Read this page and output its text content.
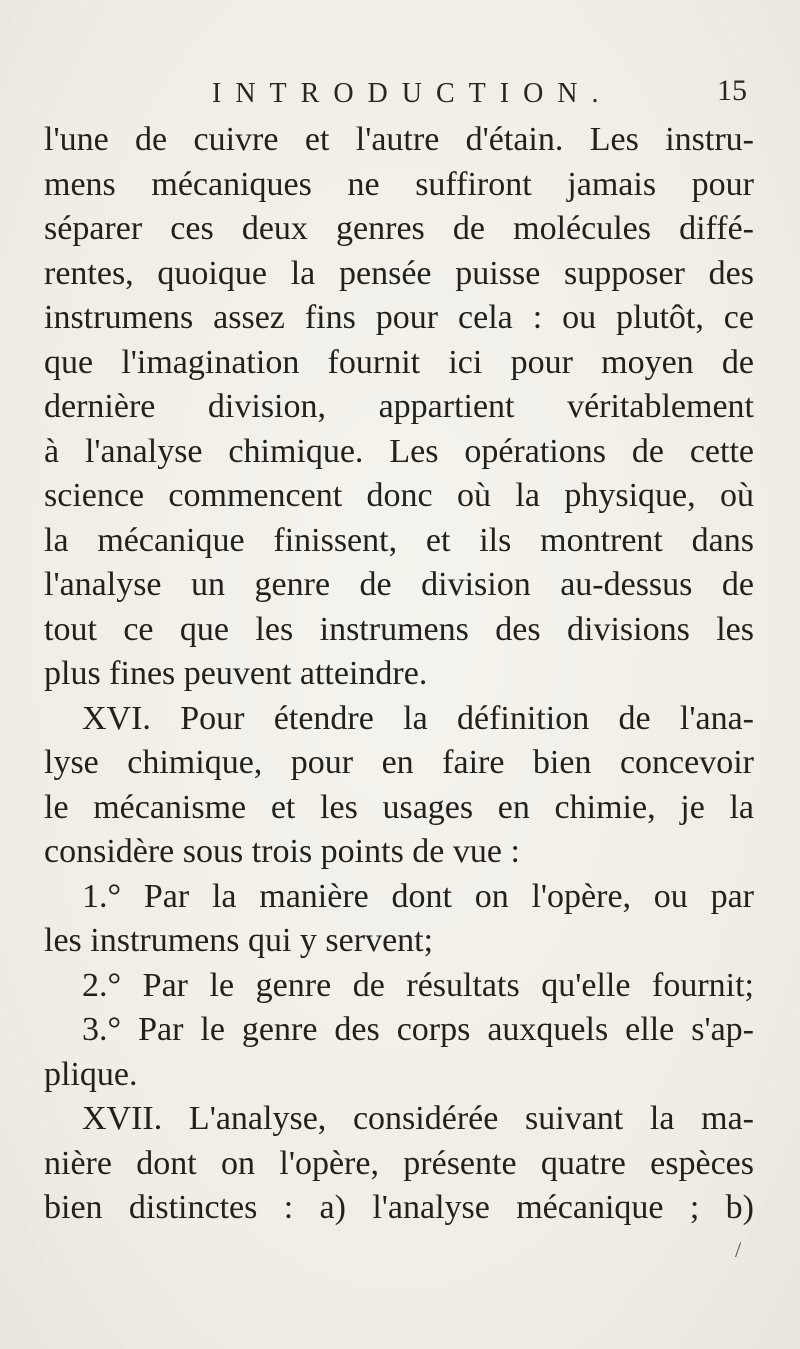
INTRODUCTION.	15
l'une de cuivre et l'autre d'étain. Les instru-
mens mécaniques ne suffiront jamais pour
séparer ces deux genres de molécules diffé-
rentes, quoique la pensée puisse supposer des
instrumens assez fins pour cela : ou plutôt, ce
que l'imagination fournit ici pour moyen de
dernière division, appartient véritablement
à l'analyse chimique. Les opérations de cette
science commencent donc où la physique, où
la mécanique finissent, et ils montrent dans
l'analyse un genre de division au-dessus de
tout ce que les instrumens des divisions les
plus fines peuvent atteindre.
XVI. Pour étendre la définition de l'ana-
lyse chimique, pour en faire bien concevoir
le mécanisme et les usages en chimie, je la
considère sous trois points de vue :
1.° Par la manière dont on l'opère, ou par
les instrumens qui y servent;
2.° Par le genre de résultats qu'elle fournit;
3.° Par le genre des corps auxquels elle s'ap-
plique.
XVII. L'analyse, considérée suivant la ma-
nière dont on l'opère, présente quatre espèces
bien distinctes : a) l'analyse mécanique ; b)
/
